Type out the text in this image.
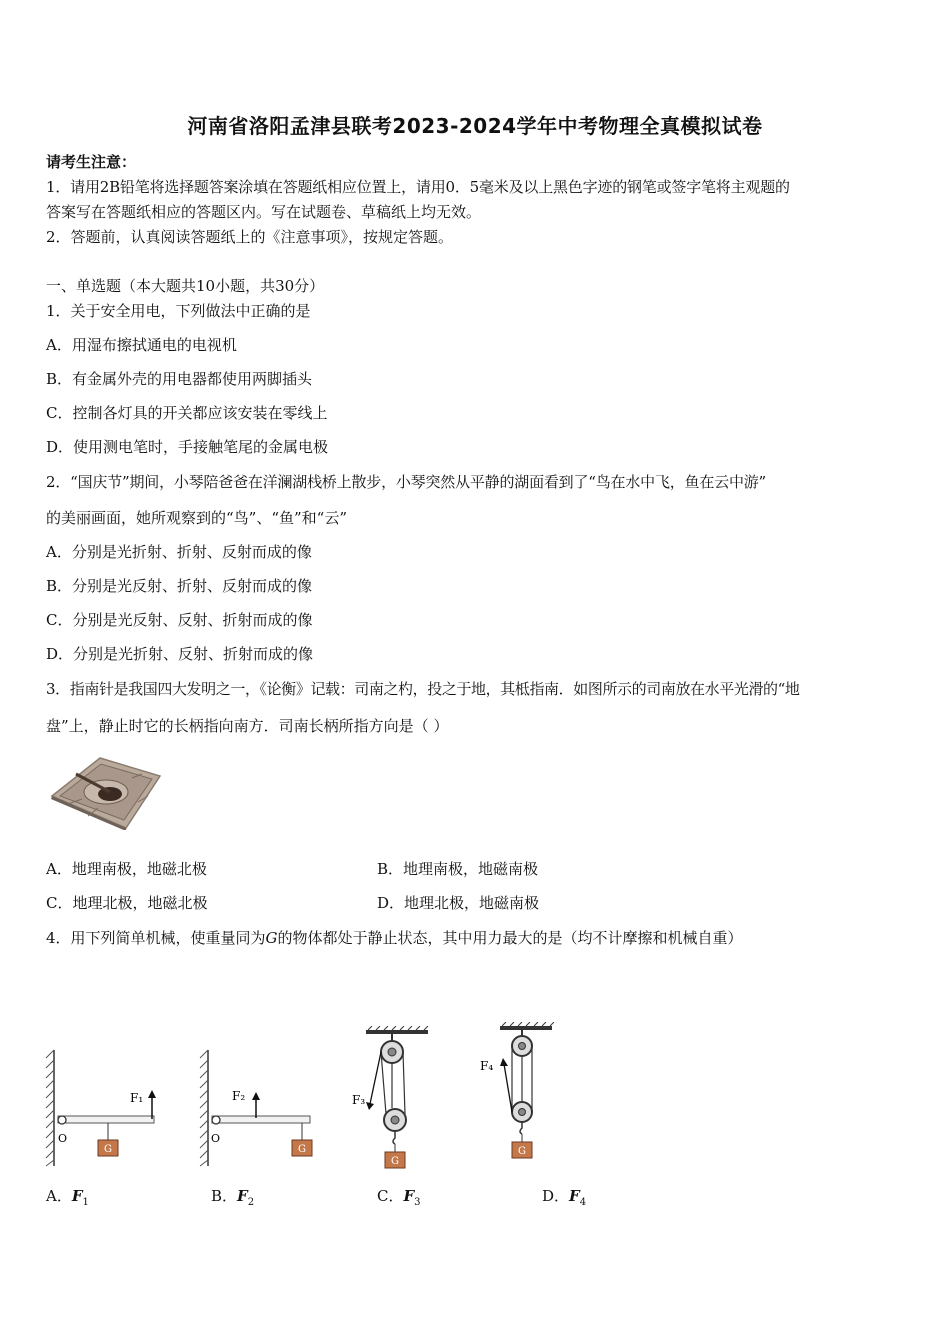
河南省洛阳孟津县联考2023-2024学年中考物理全真模拟试卷
请考生注意：
1．请用2B铅笔将选择题答案涂填在答题纸相应位置上，请用0．5毫米及以上黑色字迹的钢笔或签字笔将主观题的
答案写在答题纸相应的答题区内。写在试题卷、草稿纸上均无效。
2．答题前，认真阅读答题纸上的《注意事项》，按规定答题。
一、单选题（本大题共10小题，共30分）
1．关于安全用电，下列做法中正确的是
A．用湿布擦拭通电的电视机
B．有金属外壳的用电器都使用两脚插头
C．控制各灯具的开关都应该安装在零线上
D．使用测电笔时，手接触笔尾的金属电极
2．“国庆节”期间，小琴陪爸爸在洋澜湖栈桥上散步，小琴突然从平静的湖面看到了“鸟在水中飞，鱼在云中游”
的美丽画面，她所观察到的“鸟”、“鱼”和“云”
A．分别是光折射、折射、反射而成的像
B．分别是光反射、折射、反射而成的像
C．分别是光反射、反射、折射而成的像
D．分别是光折射、反射、折射而成的像
3．指南针是我国四大发明之一，《论衡》记载：司南之杓，投之于地，其柢指南．如图所示的司南放在水平光滑的“地
盘”上，静止时它的长柄指向南方．司南长柄所指方向是（ ）
A．地理南极，地磁北极	B．地理南极，地磁南极
C．地理北极，地磁北极	D．地理北极，地磁南极
4．用下列简单机械，使重量同为G的物体都处于静止状态，其中用力最大的是（均不计摩擦和机械自重）
O
G
F₁
O
G
F₂
G
F₃
G
F₄
A．$F_1$	B．$F_2$	C．$F_3$	D．$F_4$
